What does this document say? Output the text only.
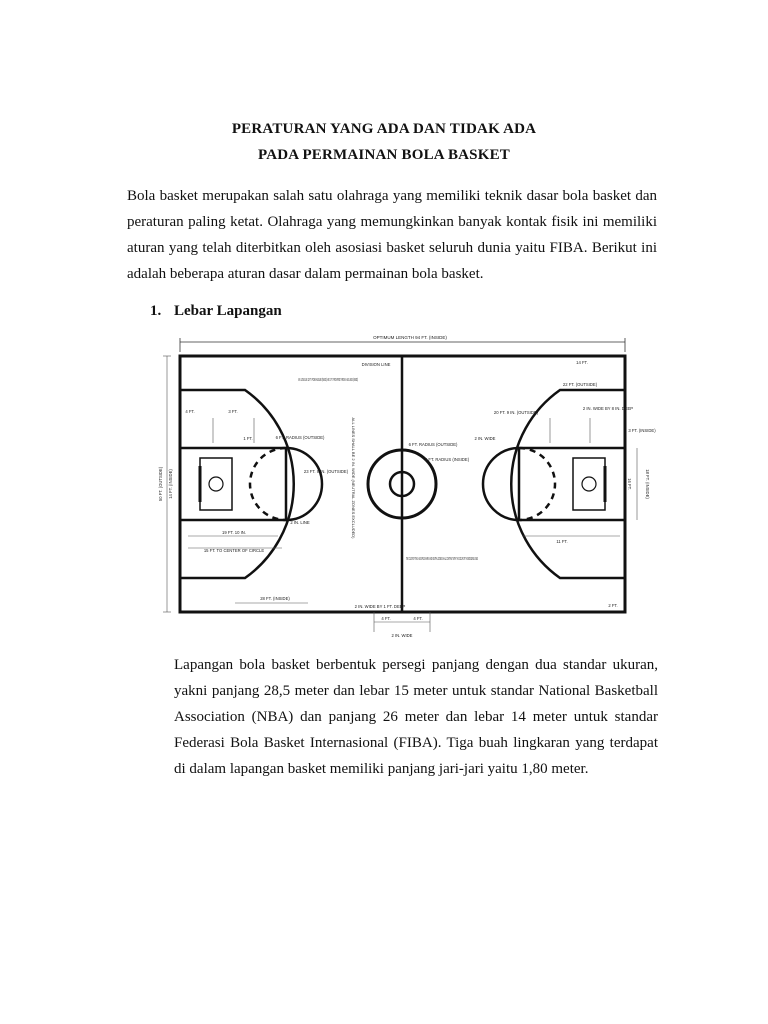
PERATURAN YANG ADA DAN TIDAK ADA
PADA PERMAINAN BOLA BASKET
Bola basket merupakan salah satu olahraga yang memiliki teknik dasar bola basket dan peraturan paling ketat. Olahraga yang memungkinkan banyak kontak fisik ini memiliki aturan yang telah diterbitkan oleh asosiasi basket seluruh dunia yaitu FIBA. Berikut ini adalah beberapa aturan dasar dalam permainan bola basket.
1. Lebar Lapangan
OPTIMUM LENGTH 94 FT. (INSIDE)
DIVISION LINE
6 FT. RADIUS (OUTSIDE)
2 FT. RADIUS (INSIDE)
6 IN. LONG LINE 13 FT. FROM BASELINE (INSIDE) AND 3 FT. FROM FREE THROW LANE LINES (INSIDE)
6 FT. RADIUS (OUTSIDE)
23 FT. 9 IN. (OUTSIDE)
2 IN. LINE
19 FT. 10 IN.
15 FT. TO CENTER OF CIRCLE
28 FT. (INSIDE)
4 FT.	3 FT.
1 FT.
14 FT. (INSIDE)
50 FT. (OUTSIDE)	ALL LINES SHALL BE 2 IN. WIDE (NEUTRAL ZONES EXCLUDED)
14 FT.
22 FT. (OUTSIDE)
20 FT. 9 IN. (OUTSIDE)
2 IN. WIDE
2 IN. WIDE BY 8 IN. DEEP
3 FT. (INSIDE)
11 FT.
2 FT.
16 FT.	18 FT. (INSIDE)
THE COLOR OF THE LANE SPACE MARKS AND NEUTRAL ZONES SHALL CONTRAST WITH THE COLOR OF THE BOUNDING LINES
2 IN. WIDE BY 1 FT. DEEP
4 FT.	4 FT.
2 IN. WIDE
Lapangan bola basket berbentuk persegi panjang dengan dua standar ukuran, yakni panjang 28,5 meter dan lebar 15 meter untuk standar National Basketball Association (NBA) dan panjang 26 meter dan lebar 14 meter untuk standar Federasi Bola Basket Internasional (FIBA). Tiga buah lingkaran yang terdapat di dalam lapangan basket memiliki panjang jari-jari yaitu 1,80 meter.
